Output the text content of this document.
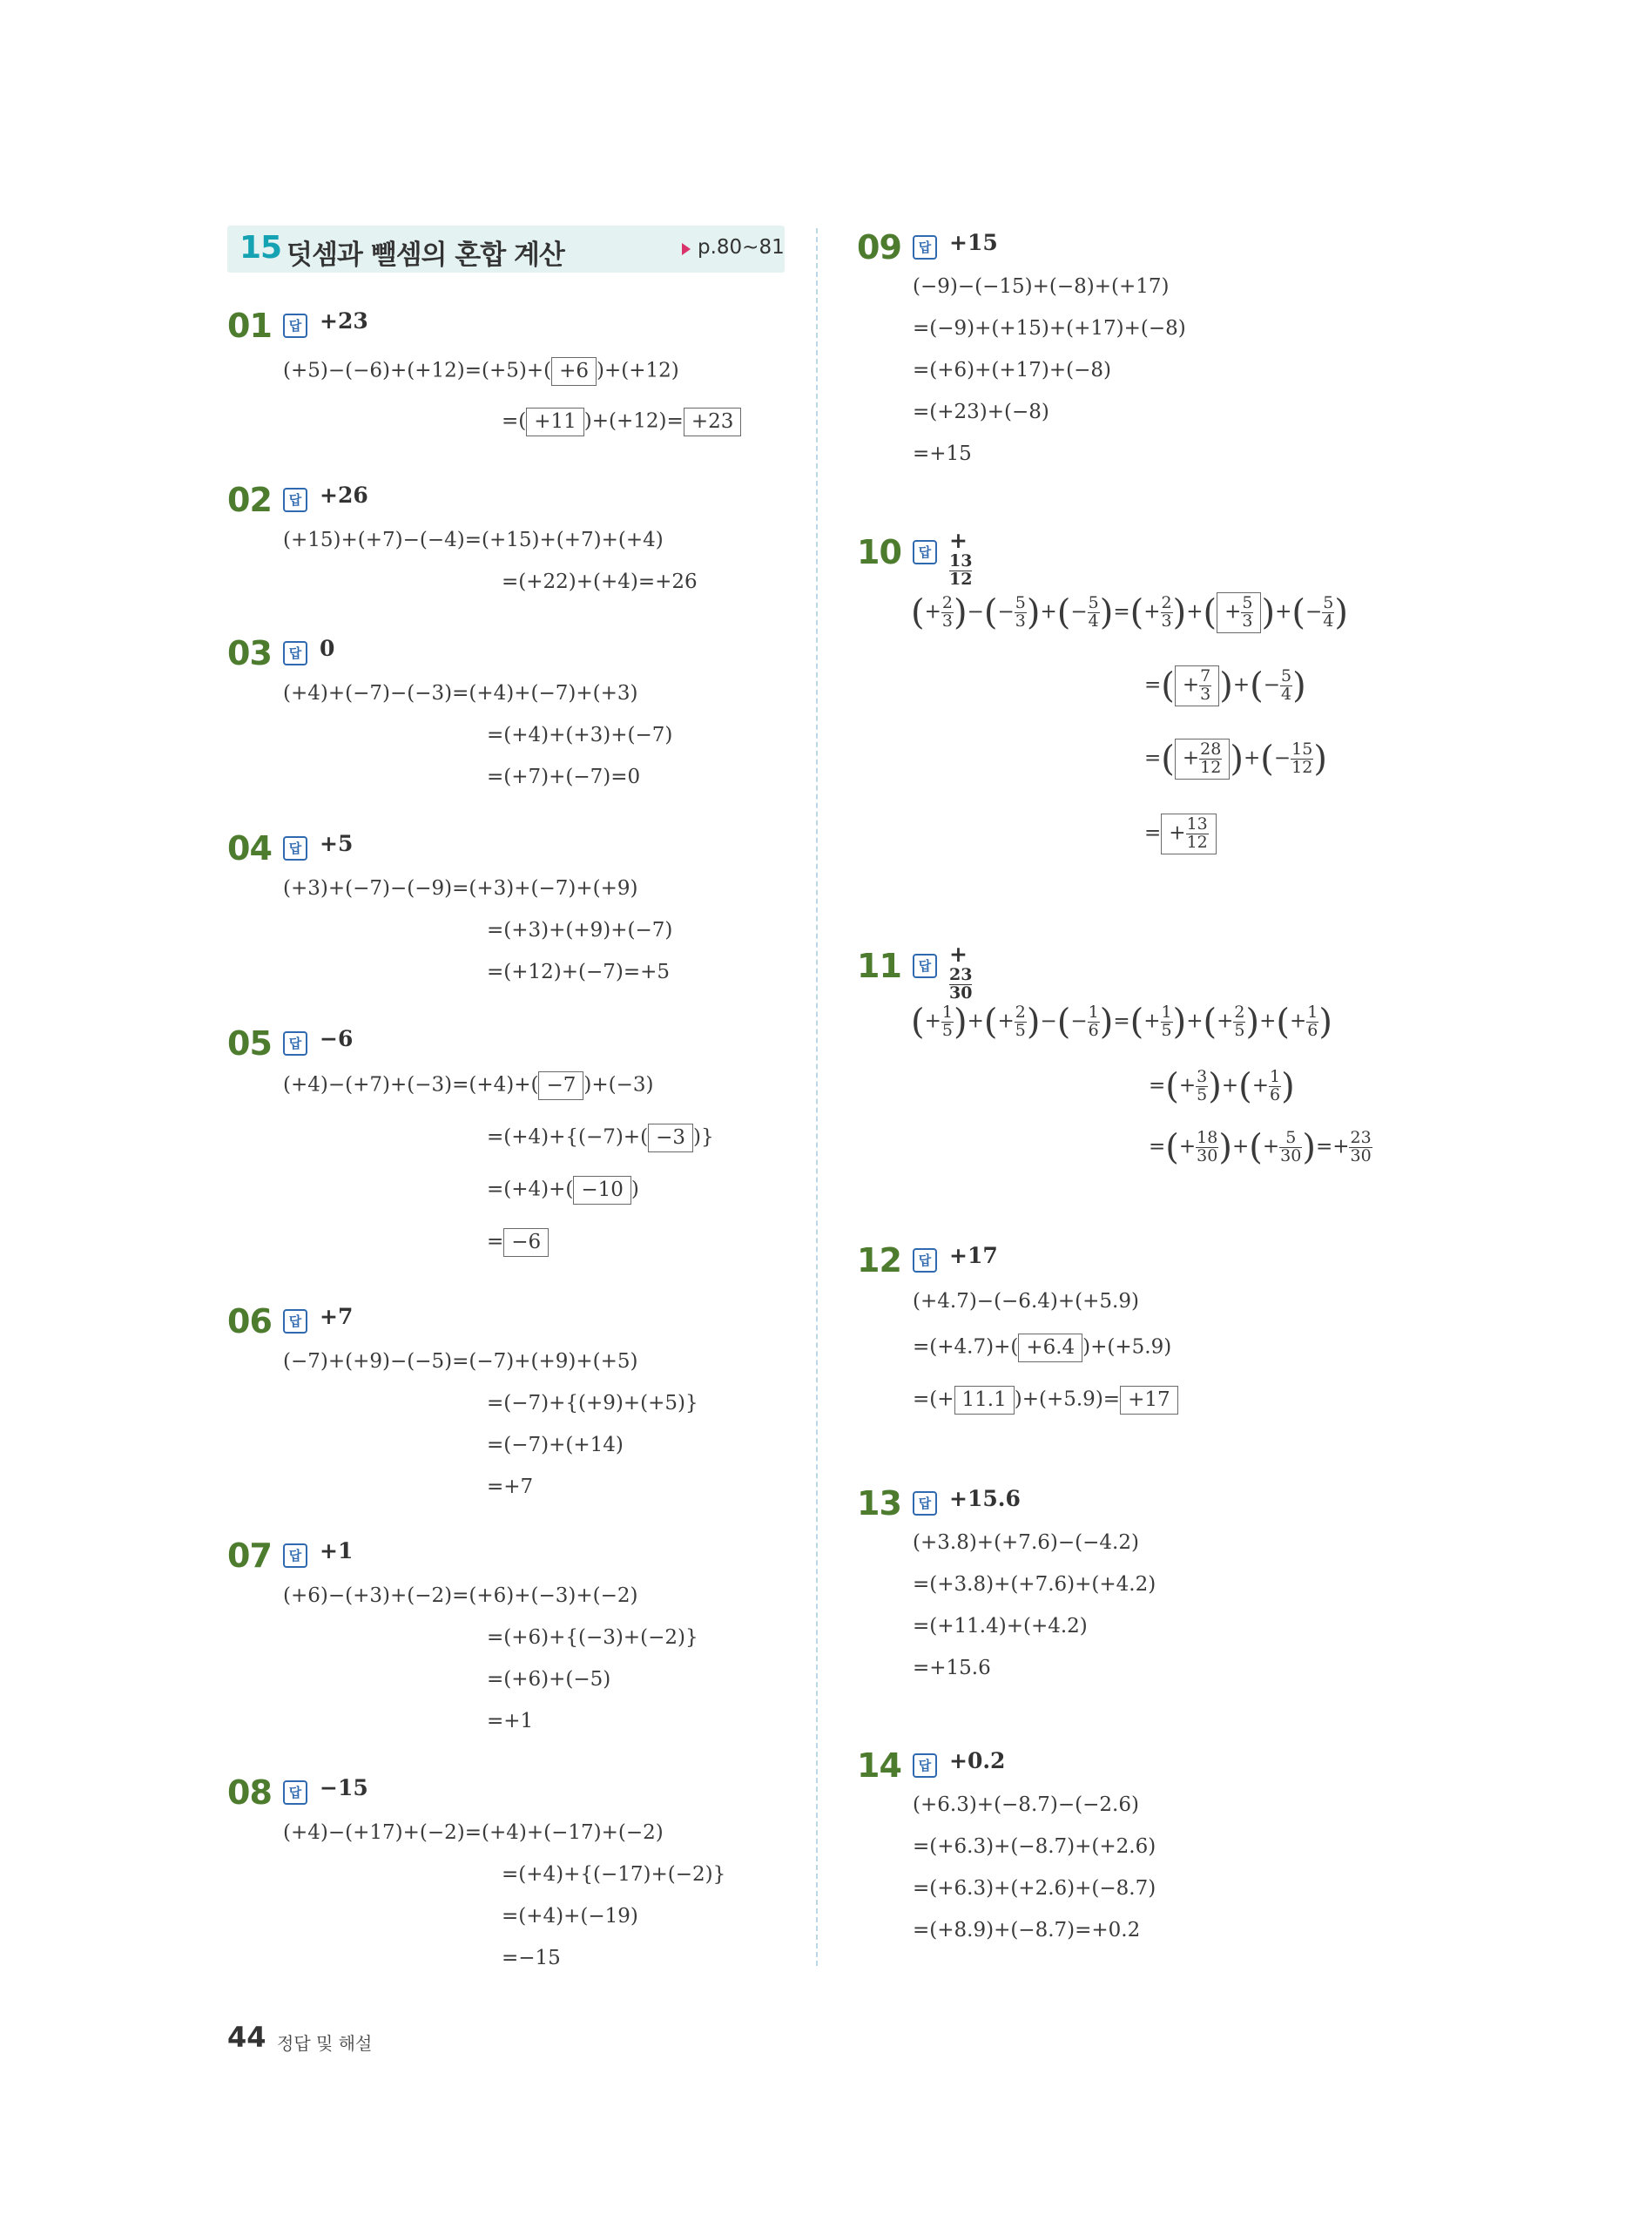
15 덧셈과 뺄셈의 혼합 계산	p.80~81
01	답 +23
(+5)−(−6)+(+12)=(+5)+( +6 )+(+12)
=( +11 )+(+12)= +23
02	답 +26
(+15)+(+7)−(−4)=(+15)+(+7)+(+4)
=(+22)+(+4)=+26
03	답 0
(+4)+(−7)−(−3)=(+4)+(−7)+(+3)
=(+4)+(+3)+(−7)
=(+7)+(−7)=0
04	답 +5
(+3)+(−7)−(−9)=(+3)+(−7)+(+9)
=(+3)+(+9)+(−7)
=(+12)+(−7)=+5
05	답 −6
(+4)−(+7)+(−3)=(+4)+( −7 )+(−3)
=(+4)+{(−7)+( −3 )}
=(+4)+( −10 )
= −6
06	답 +7
(−7)+(+9)−(−5)=(−7)+(+9)+(+5)
=(−7)+{(+9)+(+5)}
=(−7)+(+14)
=+7
07	답 +1
(+6)−(+3)+(−2)=(+6)+(−3)+(−2)
=(+6)+{(−3)+(−2)}
=(+6)+(−5)
=+1
08	답 −15
(+4)−(+17)+(−2)=(+4)+(−17)+(−2)
=(+4)+{(−17)+(−2)}
=(+4)+(−19)
=−15
09	답 +15
(−9)−(−15)+(−8)+(+17)
=(−9)+(+15)+(+17)+(−8)
=(+6)+(+17)+(−8)
=(+23)+(−8)
=+15
10	답 +
$\frac{13}{12}$
(+ $\frac{2}{3}$ )−(− $\frac{5}{3}$ )+(− $\frac{5}{4}$ )=(+ $\frac{2}{3}$ )+( + $\frac{5}{3}$ )+(− $\frac{5}{4}$ )
=( + $\frac{7}{3}$ )+(− $\frac{5}{4}$ )
=( + $\frac{28}{12}$ )+(− $\frac{15}{12}$ )
= + $\frac{13}{12}$
11	답 +
$\frac{23}{30}$
(+ $\frac{1}{5}$ )+(+ $\frac{2}{5}$ )−(− $\frac{1}{6}$ )=(+ $\frac{1}{5}$ )+(+ $\frac{2}{5}$ )+(+ $\frac{1}{6}$ )
=(+ $\frac{3}{5}$ )+(+ $\frac{1}{6}$ )
=(+ $\frac{18}{30}$ )+(+ $\frac{5}{30}$ )=+ $\frac{23}{30}$
12	답 +17
(+4.7)−(−6.4)+(+5.9)
=(+4.7)+( +6.4 )+(+5.9)
=(+ 11.1 )+(+5.9)= +17
13	답 +15.6
(+3.8)+(+7.6)−(−4.2)
=(+3.8)+(+7.6)+(+4.2)
=(+11.4)+(+4.2)
=+15.6
14	답 +0.2
(+6.3)+(−8.7)−(−2.6)
=(+6.3)+(−8.7)+(+2.6)
=(+6.3)+(+2.6)+(−8.7)
=(+8.9)+(−8.7)=+0.2
44 정답 및 해설
